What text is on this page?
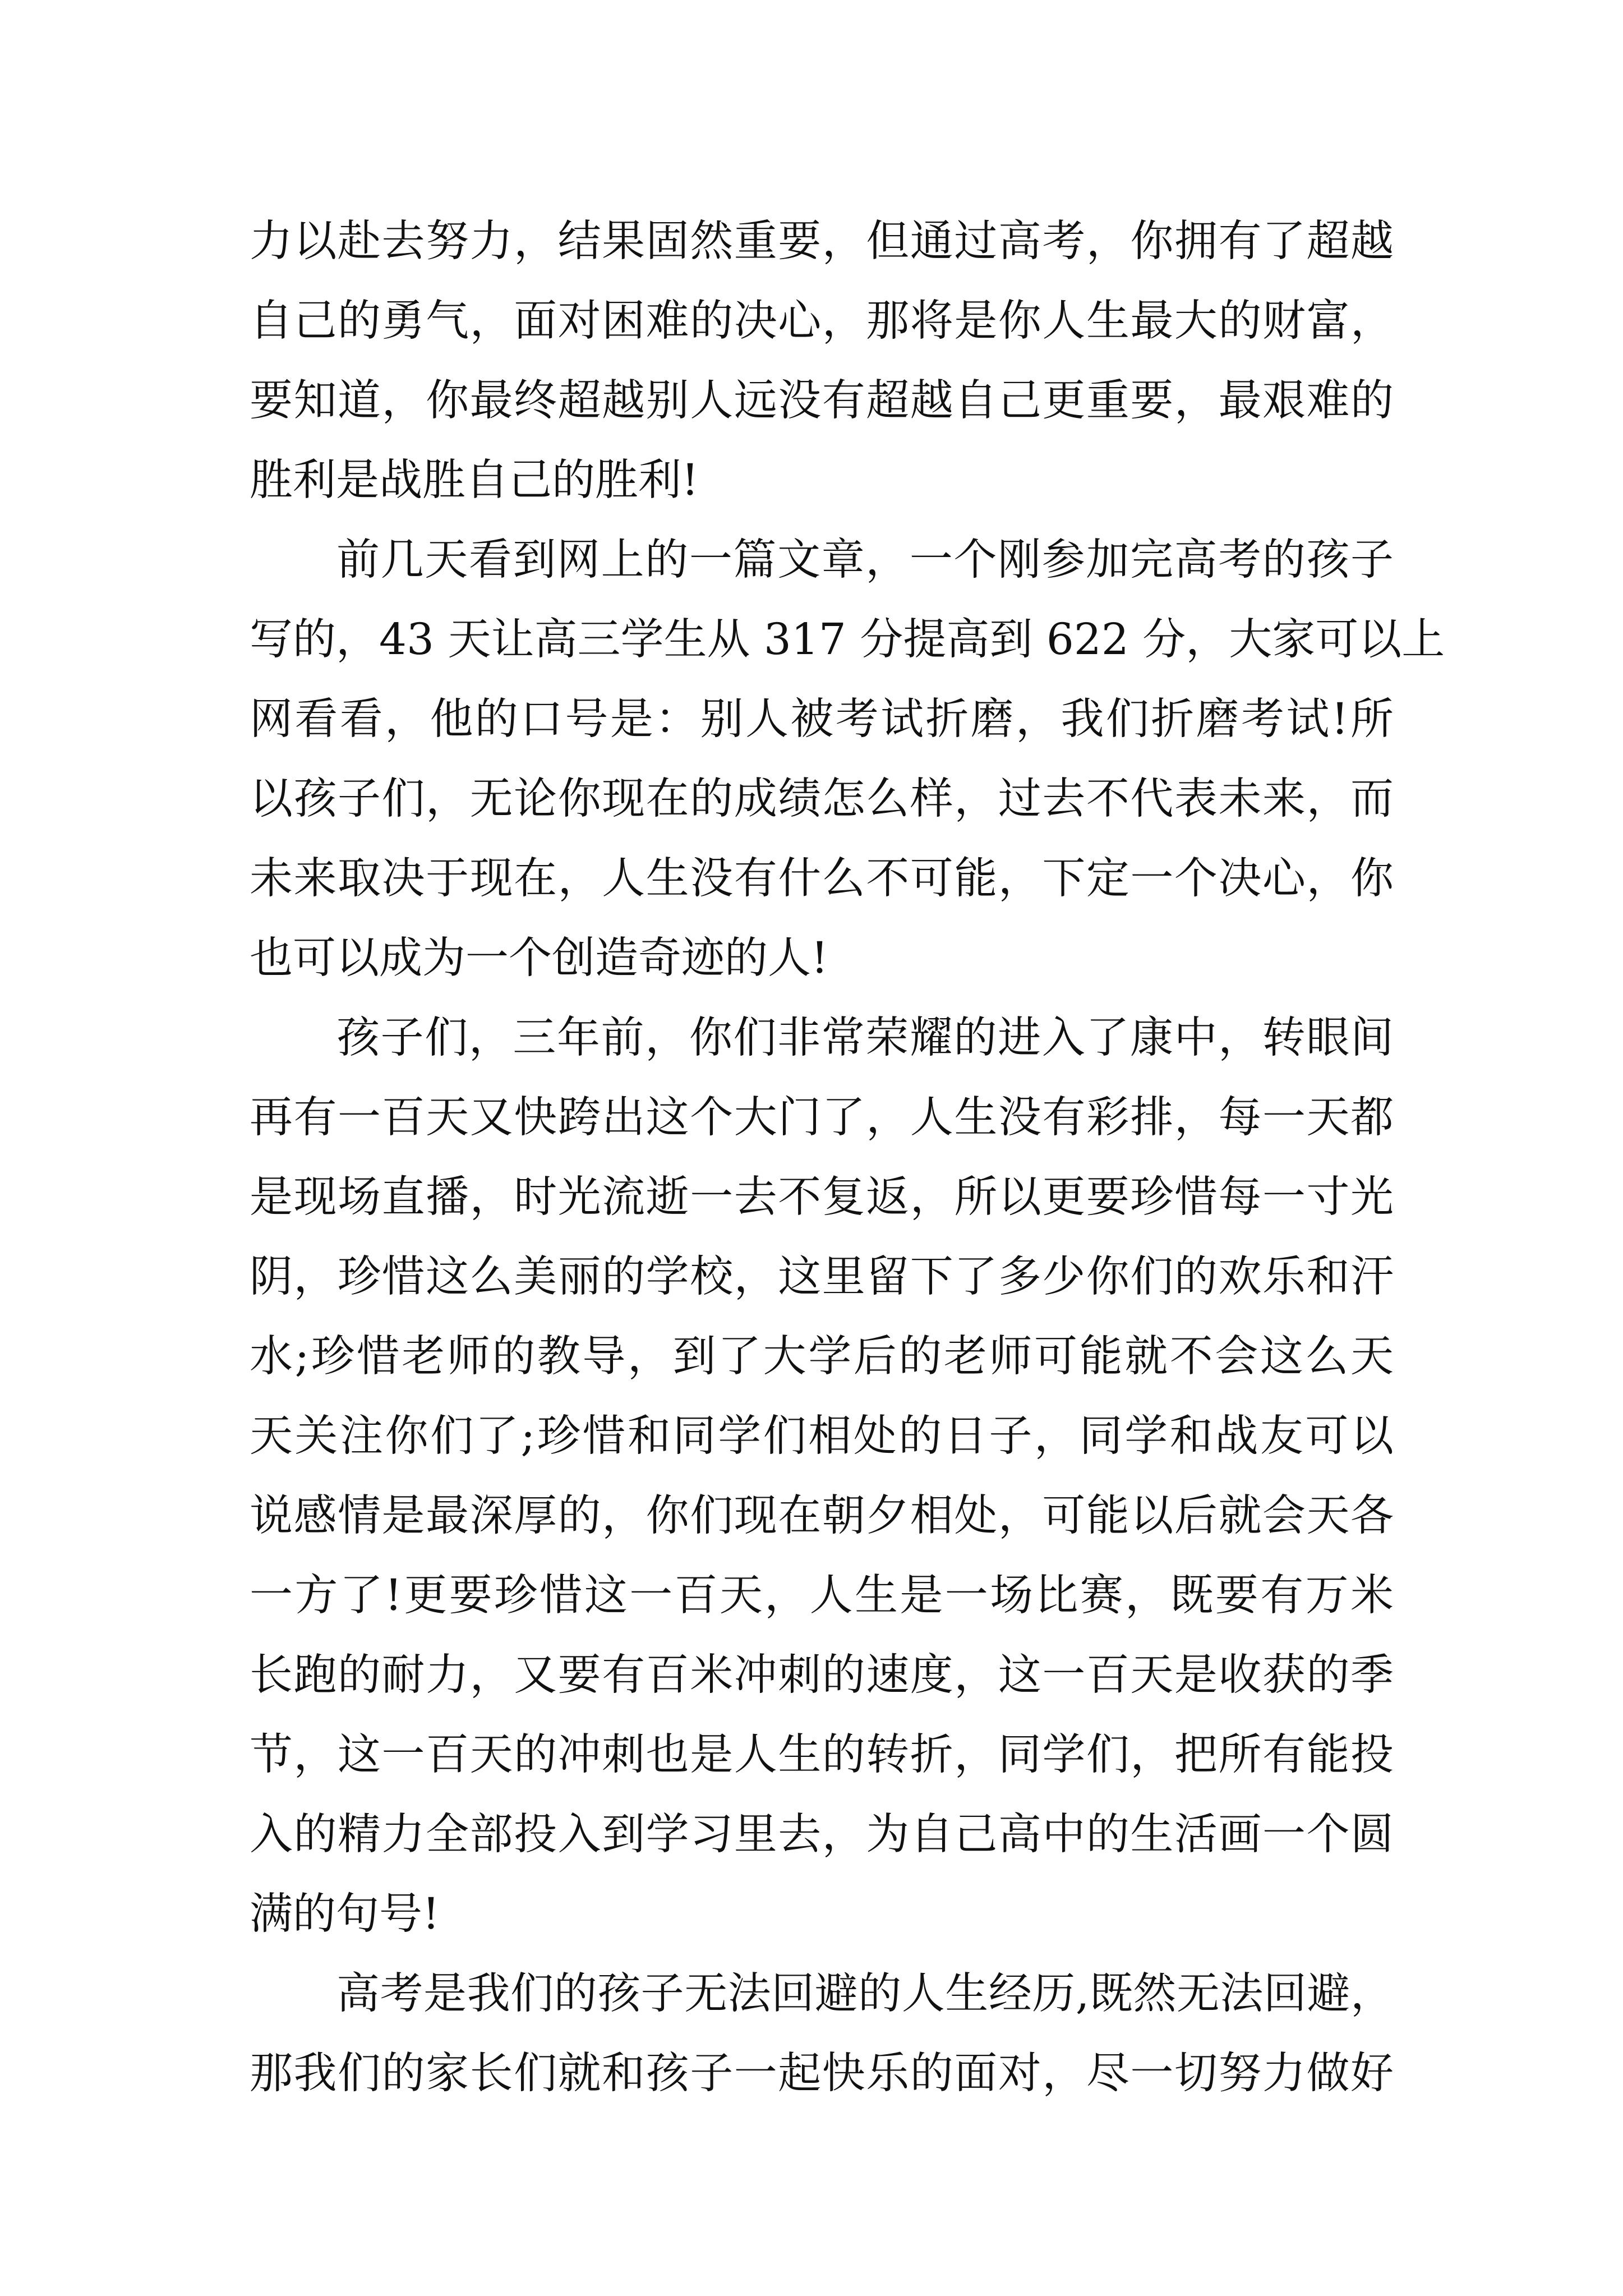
力以赴去努力，结果固然重要，但通过高考，你拥有了超越
自己的勇气，面对困难的决心，那将是你人生最大的财富，
要知道，你最终超越别人远没有超越自己更重要，最艰难的
胜利是战胜自己的胜利!
前几天看到网上的一篇文章，一个刚参加完高考的孩子
写的，43 天让高三学生从 317 分提高到 622 分，大家可以上
网看看，他的口号是：别人被考试折磨，我们折磨考试!所
以孩子们，无论你现在的成绩怎么样，过去不代表未来，而
未来取决于现在，人生没有什么不可能，下定一个决心，你
也可以成为一个创造奇迹的人!
孩子们，三年前，你们非常荣耀的进入了康中，转眼间
再有一百天又快跨出这个大门了，人生没有彩排，每一天都
是现场直播，时光流逝一去不复返，所以更要珍惜每一寸光
阴，珍惜这么美丽的学校，这里留下了多少你们的欢乐和汗
水;珍惜老师的教导，到了大学后的老师可能就不会这么天
天关注你们了;珍惜和同学们相处的日子，同学和战友可以
说感情是最深厚的，你们现在朝夕相处，可能以后就会天各
一方了!更要珍惜这一百天，人生是一场比赛，既要有万米
长跑的耐力，又要有百米冲刺的速度，这一百天是收获的季
节，这一百天的冲刺也是人生的转折，同学们，把所有能投
入的精力全部投入到学习里去，为自己高中的生活画一个圆
满的句号!
高考是我们的孩子无法回避的人生经历,既然无法回避，
那我们的家长们就和孩子一起快乐的面对，尽一切努力做好
